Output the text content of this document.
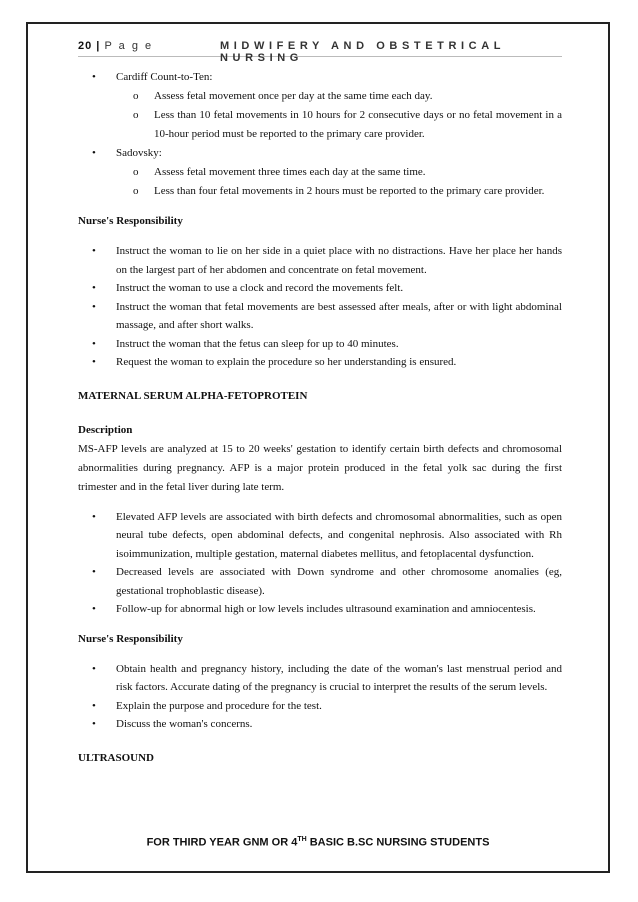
20 | P a g e	MIDWIFERY AND OBSTETRICAL NURSING
• Cardiff Count-to-Ten:
o Assess fetal movement once per day at the same time each day.
o Less than 10 fetal movements in 10 hours for 2 consecutive days or no fetal movement in a 10-hour period must be reported to the primary care provider.
• Sadovsky:
o Assess fetal movement three times each day at the same time.
o Less than four fetal movements in 2 hours must be reported to the primary care provider.
Nurse's Responsibility
• Instruct the woman to lie on her side in a quiet place with no distractions. Have her place her hands on the largest part of her abdomen and concentrate on fetal movement.
• Instruct the woman to use a clock and record the movements felt.
• Instruct the woman that fetal movements are best assessed after meals, after or with light abdominal massage, and after short walks.
• Instruct the woman that the fetus can sleep for up to 40 minutes.
• Request the woman to explain the procedure so her understanding is ensured.
MATERNAL SERUM ALPHA-FETOPROTEIN
Description
MS-AFP levels are analyzed at 15 to 20 weeks' gestation to identify certain birth defects and chromosomal abnormalities during pregnancy. AFP is a major protein produced in the fetal yolk sac during the first trimester and in the fetal liver during late term.
• Elevated AFP levels are associated with birth defects and chromosomal abnormalities, such as open neural tube defects, open abdominal defects, and congenital nephrosis. Also associated with Rh isoimmunization, multiple gestation, maternal diabetes mellitus, and fetoplacental dysfunction.
• Decreased levels are associated with Down syndrome and other chromosome anomalies (eg, gestational trophoblastic disease).
• Follow-up for abnormal high or low levels includes ultrasound examination and amniocentesis.
Nurse's Responsibility
• Obtain health and pregnancy history, including the date of the woman's last menstrual period and risk factors. Accurate dating of the pregnancy is crucial to interpret the results of the serum levels.
• Explain the purpose and procedure for the test.
• Discuss the woman's concerns.
ULTRASOUND
FOR THIRD YEAR GNM OR 4TH BASIC B.SC NURSING STUDENTS
